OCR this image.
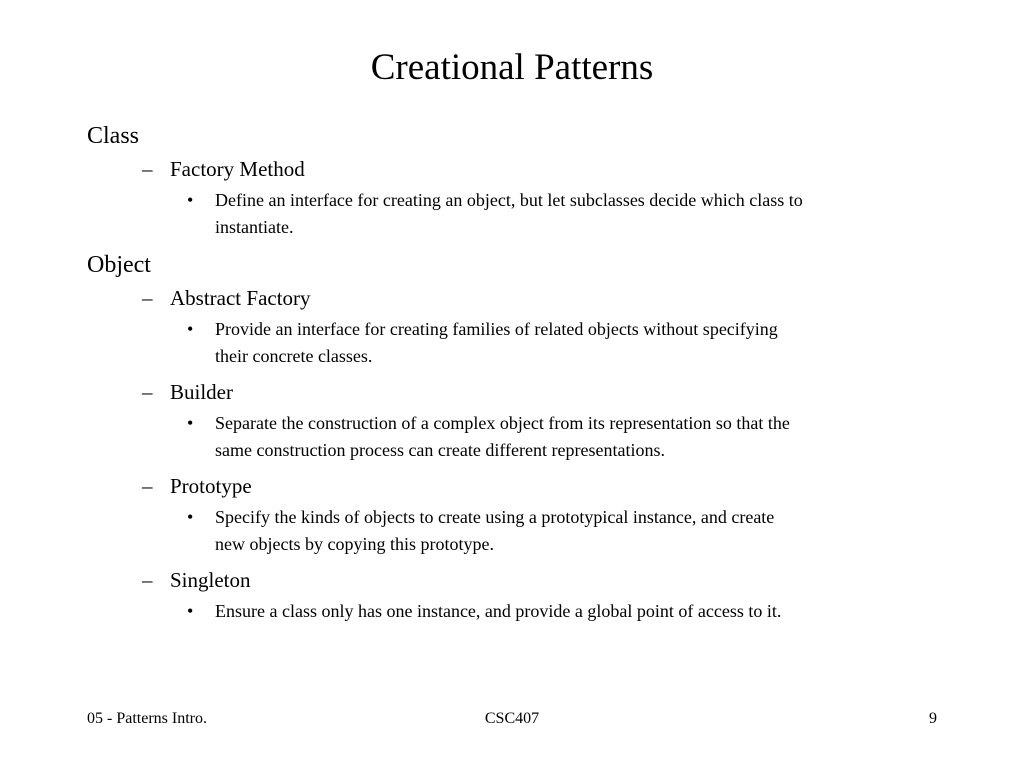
Creational Patterns
Class
– Factory Method
• Define an interface for creating an object, but let subclasses decide which class to instantiate.
Object
– Abstract Factory
• Provide an interface for creating families of related objects without specifying their concrete classes.
– Builder
• Separate the construction of a complex object from its representation so that the same construction process can create different representations.
– Prototype
• Specify the kinds of objects to create using a prototypical instance, and create new objects by copying this prototype.
– Singleton
• Ensure a class only has one instance, and provide a global point of access to it.
05 - Patterns Intro.	CSC407	9
